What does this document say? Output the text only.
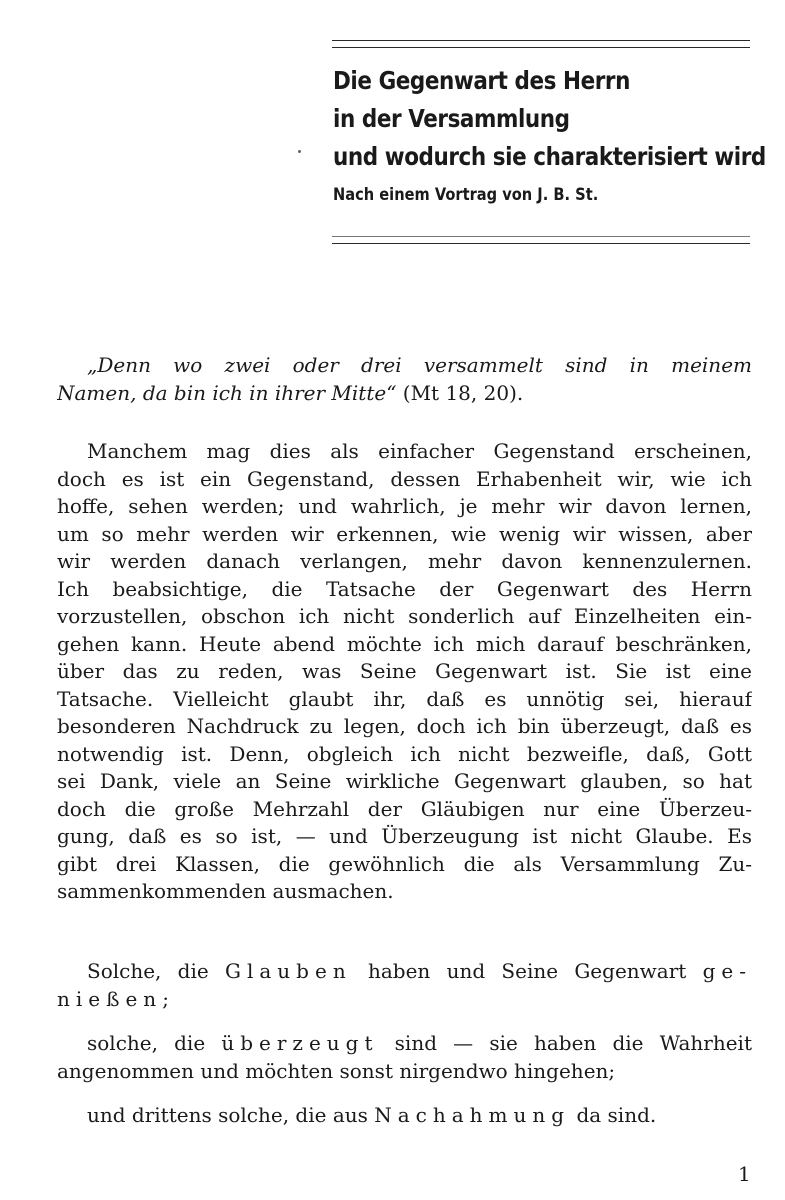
Die Gegenwart des Herrn
in der Versammlung
und wodurch sie charakterisiert wird
Nach einem Vortrag von J. B. St.
„Denn wo zwei oder drei versammelt sind in meinem
Namen, da bin ich in ihrer Mitte“ (Mt 18, 20).
Manchem mag dies als einfacher Gegenstand erscheinen,
doch es ist ein Gegenstand, dessen Erhabenheit wir, wie ich
hoffe, sehen werden; und wahrlich, je mehr wir davon lernen,
um so mehr werden wir erkennen, wie wenig wir wissen, aber
wir werden danach verlangen, mehr davon kennenzulernen.
Ich beabsichtige, die Tatsache der Gegenwart des Herrn
vorzustellen, obschon ich nicht sonderlich auf Einzelheiten ein-
gehen kann. Heute abend möchte ich mich darauf beschränken,
über das zu reden, was Seine Gegenwart ist. Sie ist eine
Tatsache. Vielleicht glaubt ihr, daß es unnötig sei, hierauf
besonderen Nachdruck zu legen, doch ich bin überzeugt, daß es
notwendig ist. Denn, obgleich ich nicht bezweifle, daß, Gott
sei Dank, viele an Seine wirkliche Gegenwart glauben, so hat
doch die große Mehrzahl der Gläubigen nur eine Überzeu-
gung, daß es so ist, — und Überzeugung ist nicht Glaube. Es
gibt drei Klassen, die gewöhnlich die als Versammlung Zu-
sammenkommenden ausmachen.
Solche, die Glauben haben und Seine Gegenwart ge-
nießen;
solche, die überzeugt sind — sie haben die Wahrheit
angenommen und möchten sonst nirgendwo hingehen;
und drittens solche, die aus Nachahmung da sind.
1
